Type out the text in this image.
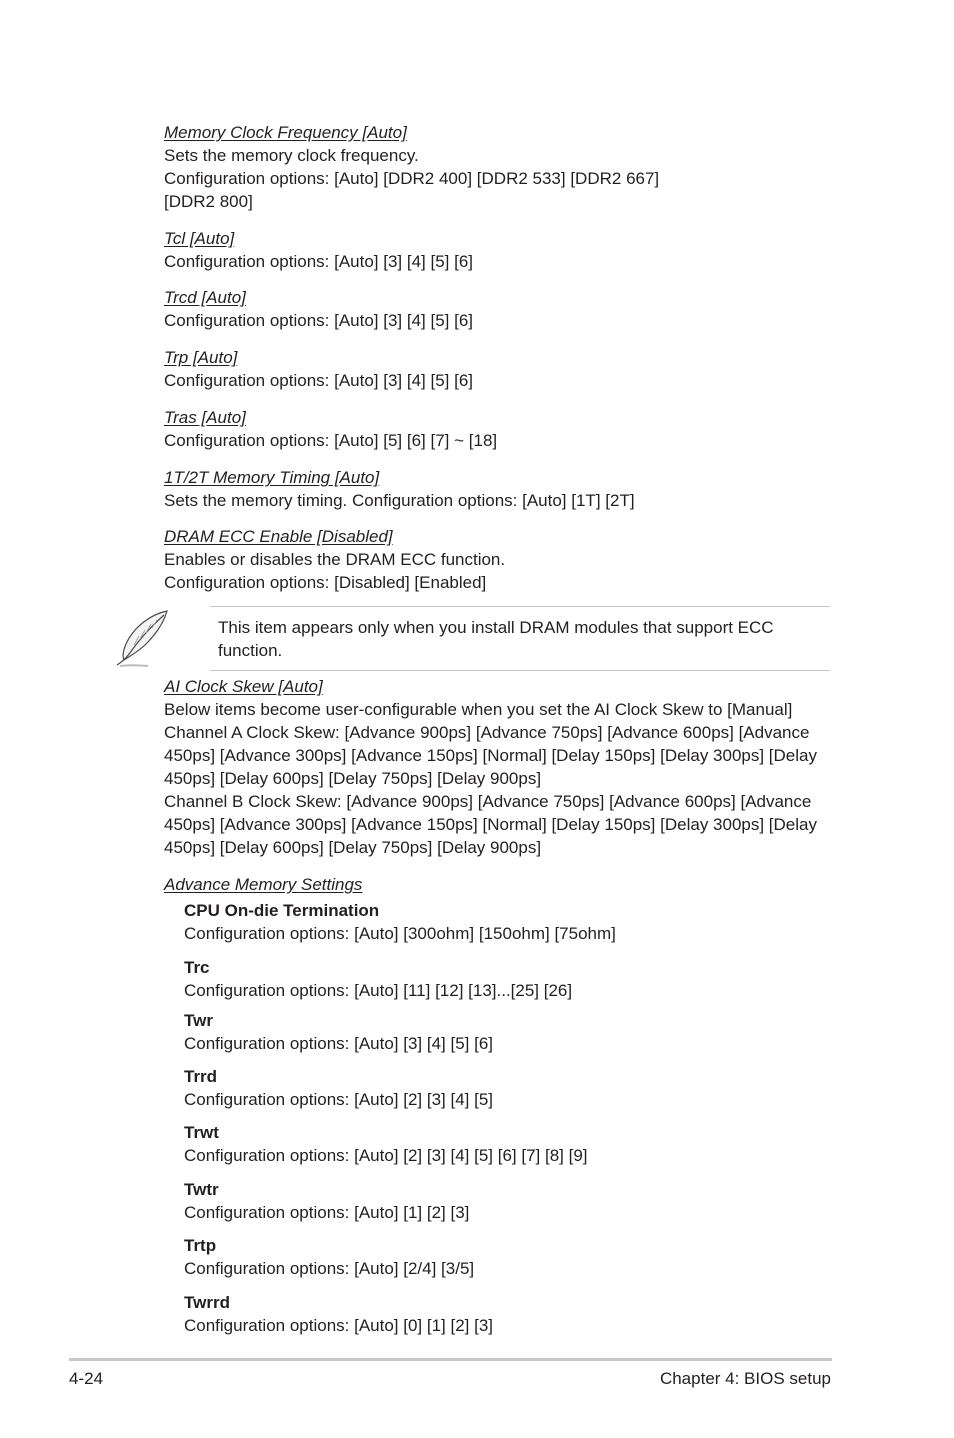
Memory Clock Frequency [Auto]

Sets the memory clock frequency.

Configuration options: [Auto] [DDR2 400] [DDR2 533] [DDR2 667]

[DDR2 800]

Tcl [Auto]

Configuration options: [Auto] [3] [4] [5] [6]

Trcd [Auto]

Configuration options: [Auto] [3] [4] [5] [6]

Trp [Auto]

Configuration options: [Auto] [3] [4] [5] [6]

Tras [Auto]

Configuration options: [Auto] [5] [6] [7] ~ [18]

1T/2T Memory Timing [Auto]

Sets the memory timing. Configuration options: [Auto] [1T] [2T]

DRAM ECC Enable [Disabled]

Enables or disables the DRAM ECC function.

Configuration options: [Disabled] [Enabled]

This item appears only when you install DRAM modules that support ECC

function.

AI Clock Skew [Auto]

Below items become user-configurable when you set the AI Clock Skew to [Manual]

Channel A Clock Skew: [Advance 900ps] [Advance 750ps] [Advance 600ps] [Advance

450ps] [Advance 300ps] [Advance 150ps] [Normal] [Delay 150ps] [Delay 300ps] [Delay

450ps] [Delay 600ps] [Delay 750ps] [Delay 900ps]

Channel B Clock Skew: [Advance 900ps] [Advance 750ps] [Advance 600ps] [Advance

450ps] [Advance 300ps] [Advance 150ps] [Normal] [Delay 150ps] [Delay 300ps] [Delay

450ps] [Delay 600ps] [Delay 750ps] [Delay 900ps]

Advance Memory Settings

CPU On-die Termination

Configuration options: [Auto] [300ohm] [150ohm] [75ohm]

Trc

Configuration options: [Auto] [11] [12] [13]...[25] [26]

Twr

Configuration options: [Auto] [3] [4] [5] [6]

Trrd

Configuration options: [Auto] [2] [3] [4] [5]

Trwt

Configuration options: [Auto] [2] [3] [4] [5] [6] [7] [8] [9]

Twtr

Configuration options: [Auto] [1] [2] [3]

Trtp

Configuration options: [Auto] [2/4] [3/5]

Twrrd

Configuration options: [Auto] [0] [1] [2] [3]

4-24	Chapter 4: BIOS setup
